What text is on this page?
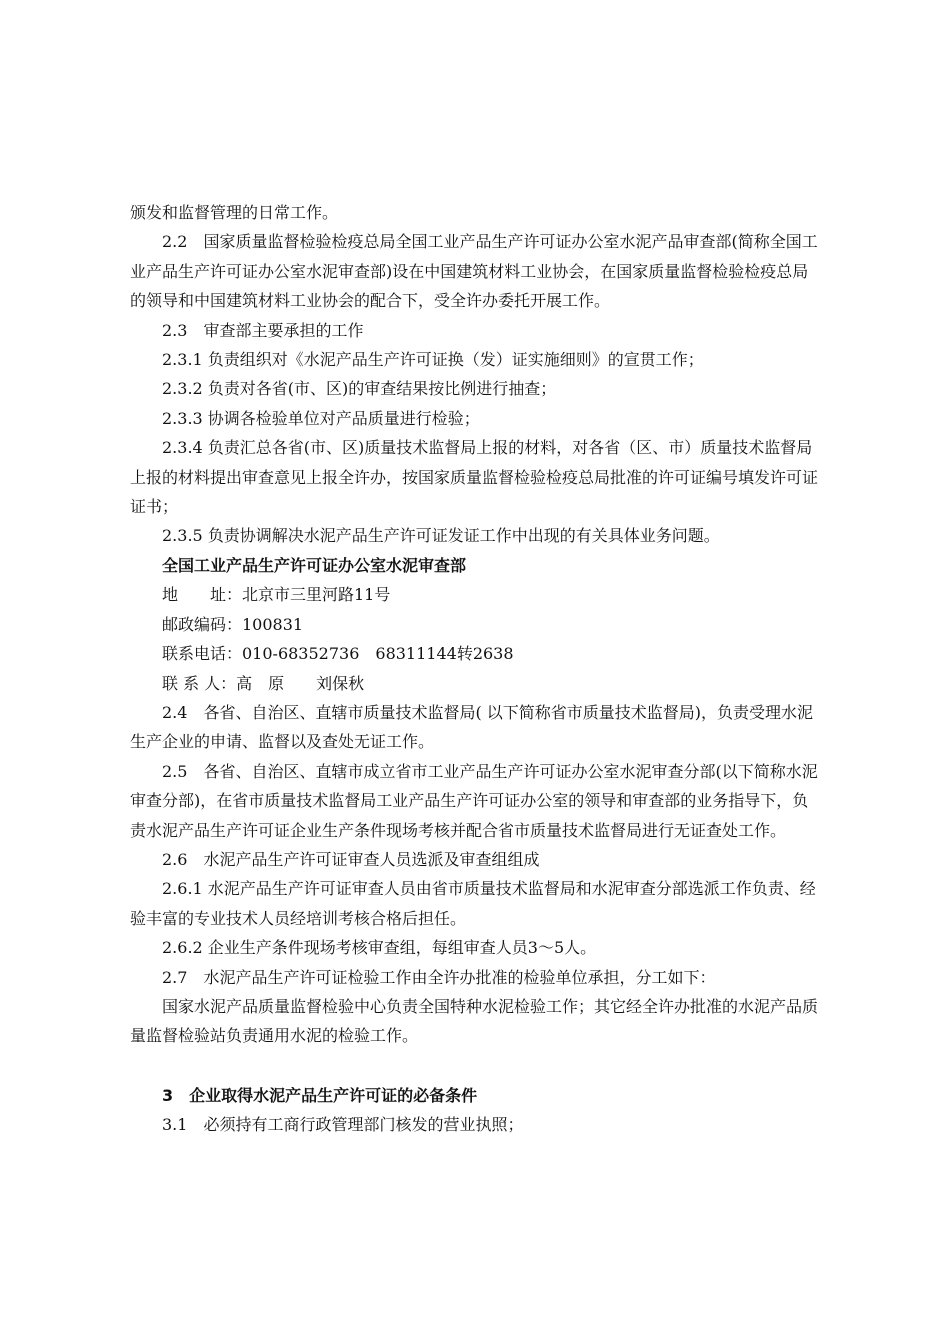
颁发和监督管理的日常工作。

2.2　国家质量监督检验检疫总局全国工业产品生产许可证办公室水泥产品审查部(简称全国工业产品生产许可证办公室水泥审查部)设在中国建筑材料工业协会，在国家质量监督检验检疫总局的领导和中国建筑材料工业协会的配合下，受全许办委托开展工作。

2.3　审查部主要承担的工作

2.3.1 负责组织对《水泥产品生产许可证换（发）证实施细则》的宣贯工作；

2.3.2 负责对各省(市、区)的审查结果按比例进行抽查；

2.3.3 协调各检验单位对产品质量进行检验；

2.3.4 负责汇总各省(市、区)质量技术监督局上报的材料，对各省（区、市）质量技术监督局上报的材料提出审查意见上报全许办，按国家质量监督检验检疫总局批准的许可证编号填发许可证证书；

2.3.5 负责协调解决水泥产品生产许可证发证工作中出现的有关具体业务问题。

全国工业产品生产许可证办公室水泥审查部

地　　址：北京市三里河路11号

邮政编码：100831

联系电话：010-68352736　68311144转2638

联 系 人：高　原　　刘保秋

2.4　各省、自治区、直辖市质量技术监督局( 以下简称省市质量技术监督局)，负责受理水泥生产企业的申请、监督以及查处无证工作。

2.5　各省、自治区、直辖市成立省市工业产品生产许可证办公室水泥审查分部(以下简称水泥审查分部)，在省市质量技术监督局工业产品生产许可证办公室的领导和审查部的业务指导下，负责水泥产品生产许可证企业生产条件现场考核并配合省市质量技术监督局进行无证查处工作。

2.6　水泥产品生产许可证审查人员选派及审查组组成

2.6.1 水泥产品生产许可证审查人员由省市质量技术监督局和水泥审查分部选派工作负责、经验丰富的专业技术人员经培训考核合格后担任。

2.6.2 企业生产条件现场考核审查组，每组审查人员3～5人。

2.7　水泥产品生产许可证检验工作由全许办批准的检验单位承担，分工如下：

国家水泥产品质量监督检验中心负责全国特种水泥检验工作；其它经全许办批准的水泥产品质量监督检验站负责通用水泥的检验工作。

3　企业取得水泥产品生产许可证的必备条件

3.1　必须持有工商行政管理部门核发的营业执照；
